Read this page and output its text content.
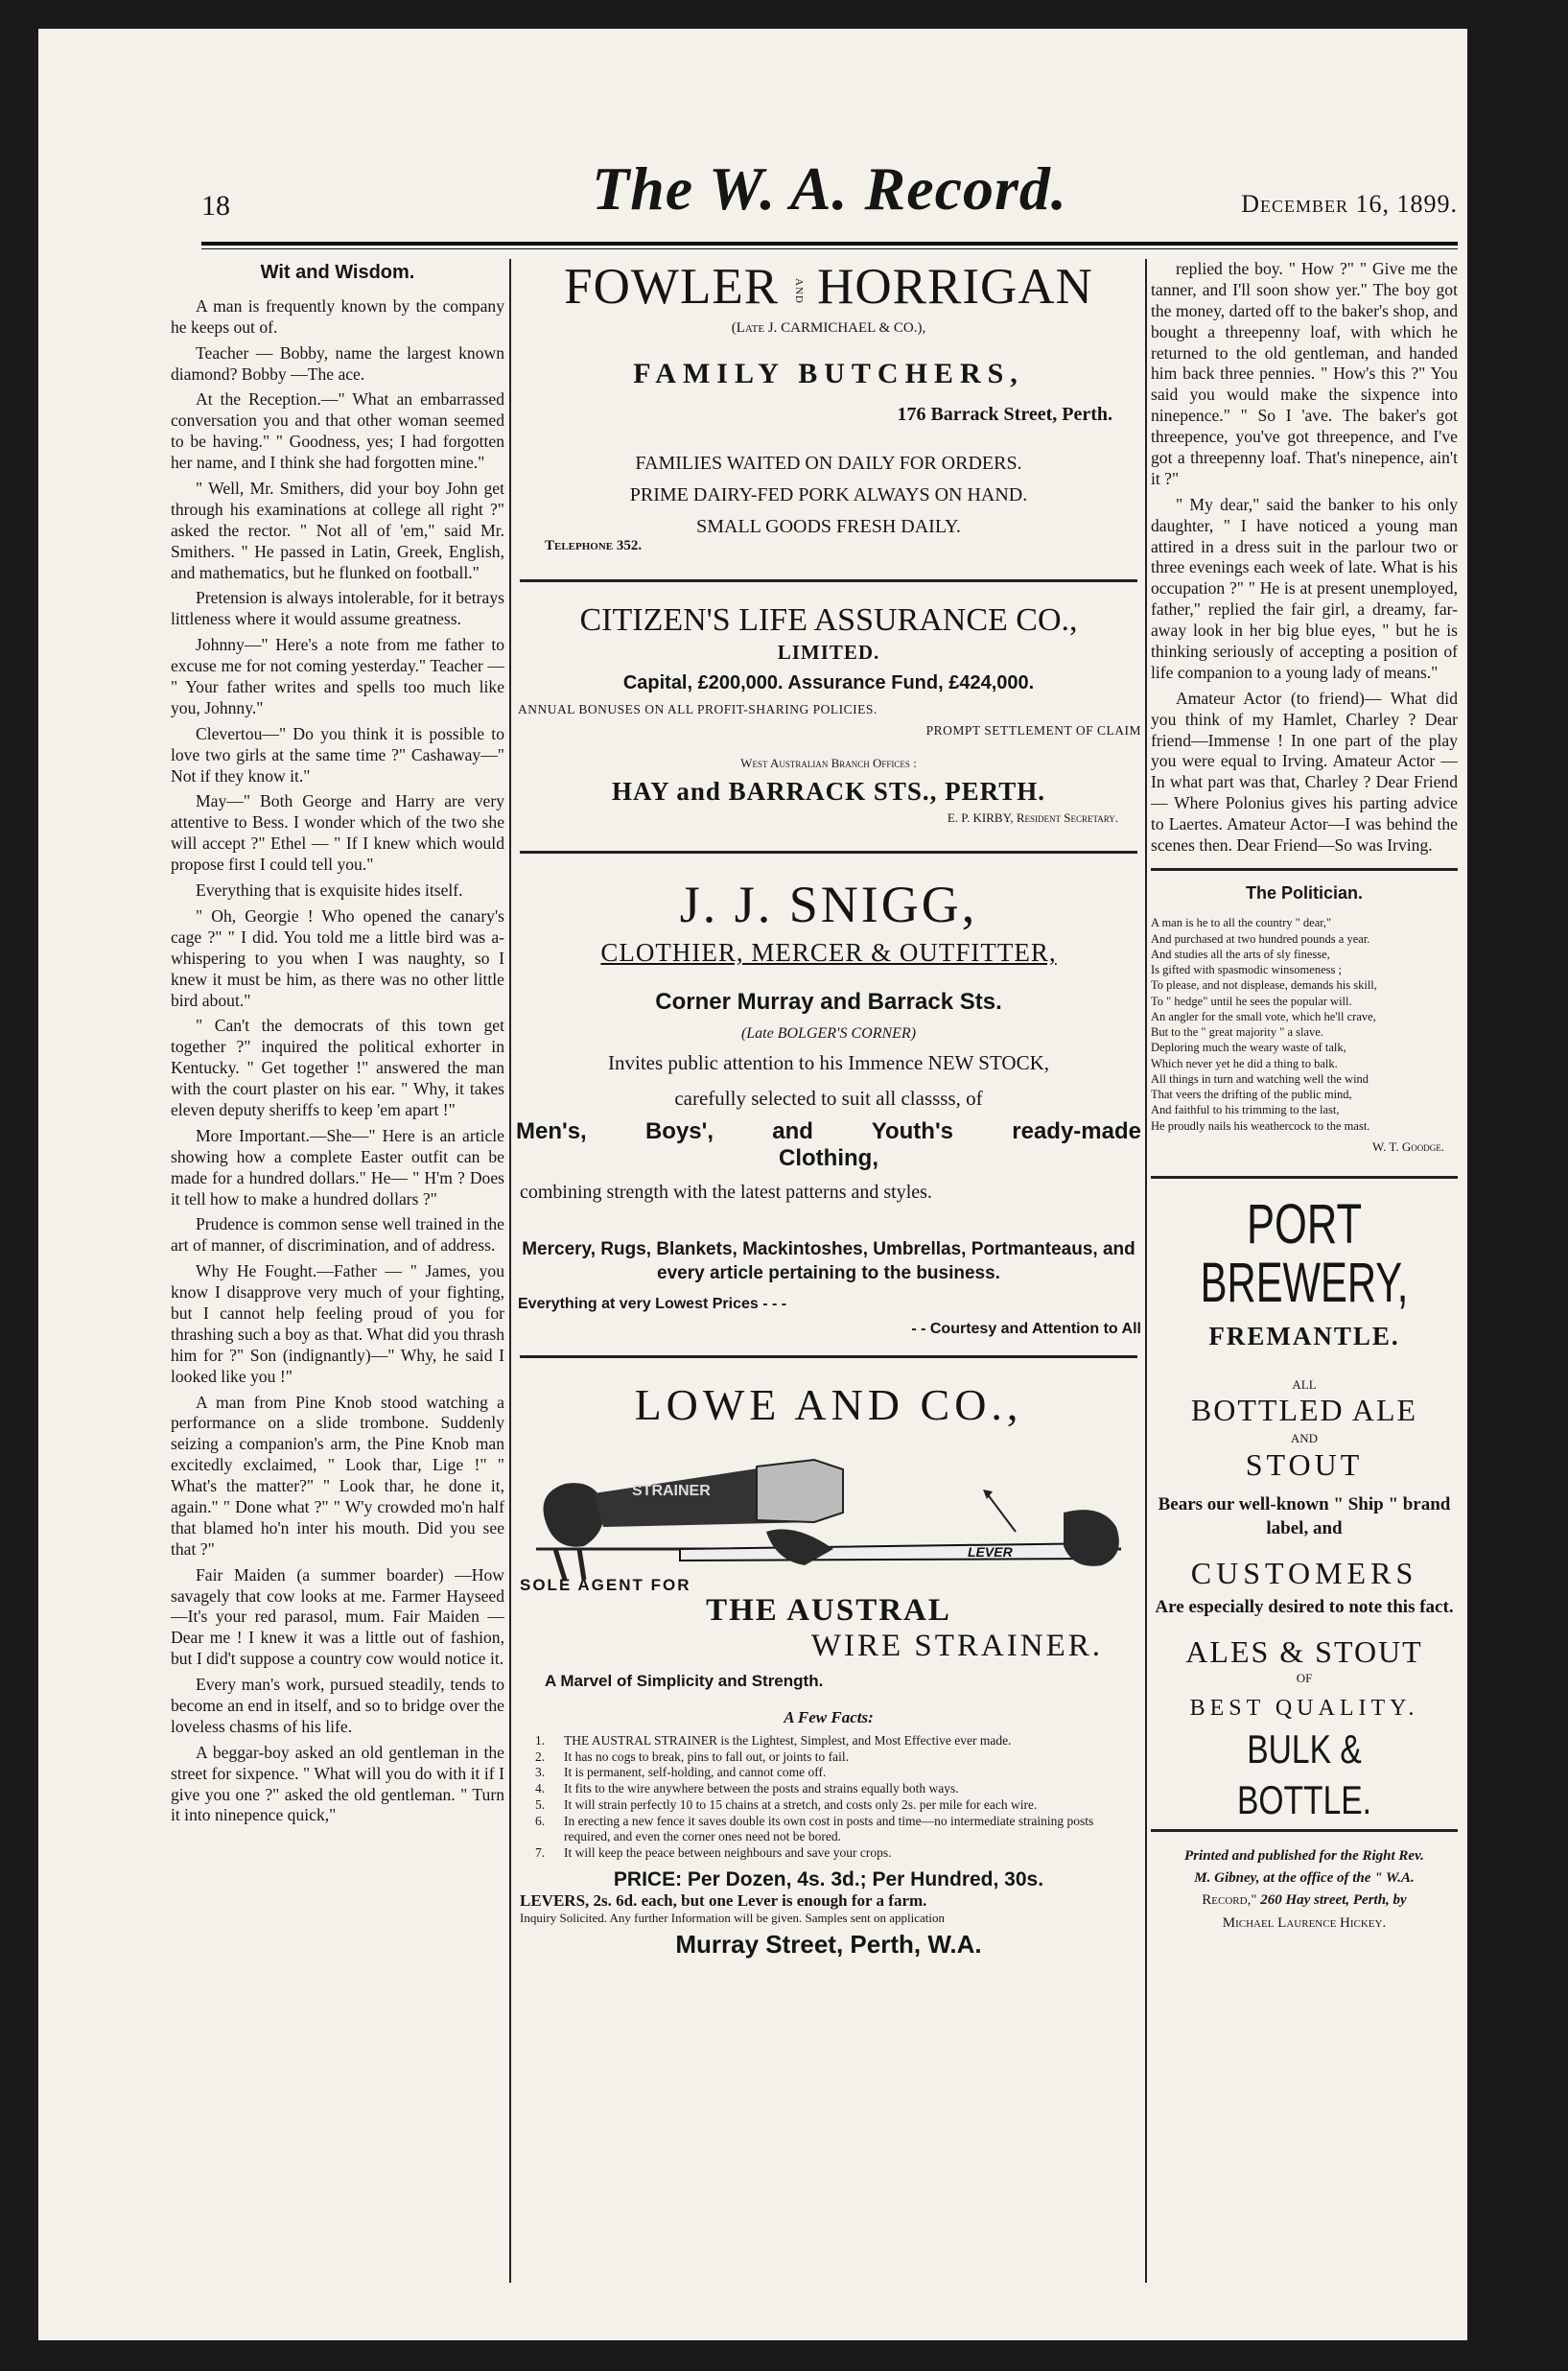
18	The W. A. Record.	December 16, 1899.
Wit and Wisdom.

A man is frequently known by the company he keeps out of.

Teacher — Bobby, name the largest known diamond? Bobby —The ace.

At the Reception.—" What an embarrassed conversation you and that other woman seemed to be having." " Goodness, yes; I had forgotten her name, and I think she had forgotten mine."

" Well, Mr. Smithers, did your boy John get through his examinations at college all right ?" asked the rector. " Not all of 'em," said Mr. Smithers. " He passed in Latin, Greek, English, and mathematics, but he flunked on football."

Pretension is always intolerable, for it betrays littleness where it would assume greatness.

Johnny—" Here's a note from me father to excuse me for not coming yesterday." Teacher — " Your father writes and spells too much like you, Johnny."

Clevertou—" Do you think it is possible to love two girls at the same time ?" Cashaway—" Not if they know it."

May—" Both George and Harry are very attentive to Bess. I wonder which of the two she will accept ?" Ethel — " If I knew which would propose first I could tell you."

Everything that is exquisite hides itself.

" Oh, Georgie ! Who opened the canary's cage ?" " I did. You told me a little bird was a-whispering to you when I was naughty, so I knew it must be him, as there was no other little bird about."

" Can't the democrats of this town get together ?" inquired the political exhorter in Kentucky. " Get together !" answered the man with the court plaster on his ear. " Why, it takes eleven deputy sheriffs to keep 'em apart !"

More Important.—She—" Here is an article showing how a complete Easter outfit can be made for a hundred dollars." He— " H'm ? Does it tell how to make a hundred dollars ?"

Prudence is common sense well trained in the art of manner, of discrimination, and of address.

Why He Fought.—Father — " James, you know I disapprove very much of your fighting, but I cannot help feeling proud of you for thrashing such a boy as that. What did you thrash him for ?" Son (indignantly)—" Why, he said I looked like you !"

A man from Pine Knob stood watching a performance on a slide trombone. Suddenly seizing a companion's arm, the Pine Knob man excitedly exclaimed, " Look thar, Lige !" " What's the matter?" " Look thar, he done it, again." " Done what ?" " W'y crowded mo'n half that blamed ho'n inter his mouth. Did you see that ?"

Fair Maiden (a summer boarder) —How savagely that cow looks at me. Farmer Hayseed—It's your red parasol, mum. Fair Maiden —Dear me ! I knew it was a little out of fashion, but I did't suppose a country cow would notice it.

Every man's work, pursued steadily, tends to become an end in itself, and so to bridge over the loveless chasms of his life.

A beggar-boy asked an old gentleman in the street for sixpence. " What will you do with it if I give you one ?" asked the old gentleman. " Turn it into ninepence quick,"

FOWLER AND HORRIGAN
(Late J. CARMICHAEL & CO.),
FAMILY BUTCHERS,
176 Barrack Street, Perth.
FAMILIES WAITED ON DAILY FOR ORDERS.
PRIME DAIRY-FED PORK ALWAYS ON HAND.
SMALL GOODS FRESH DAILY.
Telephone 352.
CITIZEN'S LIFE ASSURANCE CO.,
LIMITED.
Capital, £200,000. Assurance Fund, £424,000.
ANNUAL BONUSES ON ALL PROFIT-SHARING POLICIES.
PROMPT SETTLEMENT OF CLAIM
West Australian Branch Offices :
HAY and BARRACK STS., PERTH.
E. P. KIRBY, Resident Secretary.
J. J. SNIGG,
CLOTHIER, MERCER & OUTFITTER,
Corner Murray and Barrack Sts.
(Late BOLGER'S CORNER)
Invites public attention to his Immence NEW STOCK,
carefully selected to suit all classss, of
Men's, Boys', and Youth's ready-made
Clothing,
combining strength with the latest patterns and styles.
Mercery, Rugs, Blankets, Mackintoshes, Umbrellas, Portmanteaus, and every article pertaining to the business.
Everything at very Lowest Prices - - -
- - Courtesy and Attention to All
LOWE AND CO.,
STRAINER
LEVER
SOLE AGENT FOR
THE AUSTRAL
WIRE STRAINER.
A Marvel of Simplicity and Strength.
A Few Facts:
1.	THE AUSTRAL STRAINER is the Lightest, Simplest, and Most Effective ever made.
2.	It has no cogs to break, pins to fall out, or joints to fail.
3.	It is permanent, self-holding, and cannot come off.
4.	It fits to the wire anywhere between the posts and strains equally both ways.
5.	It will strain perfectly 10 to 15 chains at a stretch, and costs only 2s. per mile for each wire.
6.	In erecting a new fence it saves double its own cost in posts and time—no intermediate straining posts required, and even the corner ones need not be bored.
7.	It will keep the peace between neighbours and save your crops.
PRICE: Per Dozen, 4s. 3d.; Per Hundred, 30s.
LEVERS, 2s. 6d. each, but one Lever is enough for a farm.
Inquiry Solicited. Any further Information will be given. Samples sent on application
Murray Street, Perth, W.A.

replied the boy. " How ?" " Give me the tanner, and I'll soon show yer." The boy got the money, darted off to the baker's shop, and bought a threepenny loaf, with which he returned to the old gentleman, and handed him back three pennies. " How's this ?" You said you would make the sixpence into ninepence." " So I 'ave. The baker's got threepence, you've got threepence, and I've got a threepenny loaf. That's ninepence, ain't it ?"

" My dear," said the banker to his only daughter, " I have noticed a young man attired in a dress suit in the parlour two or three evenings each week of late. What is his occupation ?" " He is at present unemployed, father," replied the fair girl, a dreamy, far-away look in her big blue eyes, " but he is thinking seriously of accepting a position of life companion to a young lady of means."

Amateur Actor (to friend)— What did you think of my Hamlet, Charley ? Dear friend—Immense ! In one part of the play you were equal to Irving. Amateur Actor —In what part was that, Charley ? Dear Friend — Where Polonius gives his parting advice to Laertes. Amateur Actor—I was behind the scenes then. Dear Friend—So was Irving.

The Politician.
A man is he to all the country " dear,"
And purchased at two hundred pounds a year.
And studies all the arts of sly finesse,
Is gifted with spasmodic winsomeness ;
To please, and not displease, demands his skill,
To " hedge" until he sees the popular will.
An angler for the small vote, which he'll crave,
But to the " great majority " a slave.
Deploring much the weary waste of talk,
Which never yet he did a thing to balk.
All things in turn and watching well the wind
That veers the drifting of the public mind,
And faithful to his trimming to the last,
He proudly nails his weathercock to the mast.
W. T. Goodge.
PORT
BREWERY,
FREMANTLE.
ALL
BOTTLED ALE
AND
STOUT
Bears our well-known " Ship " brand label, and
CUSTOMERS
Are especially desired to note this fact.
ALES & STOUT
OF
BEST QUALITY.
BULK & BOTTLE.
Printed and published for the Right Rev.
M. Gibney, at the office of the " W.A.
Record," 260 Hay street, Perth, by
Michael Laurence Hickey.
